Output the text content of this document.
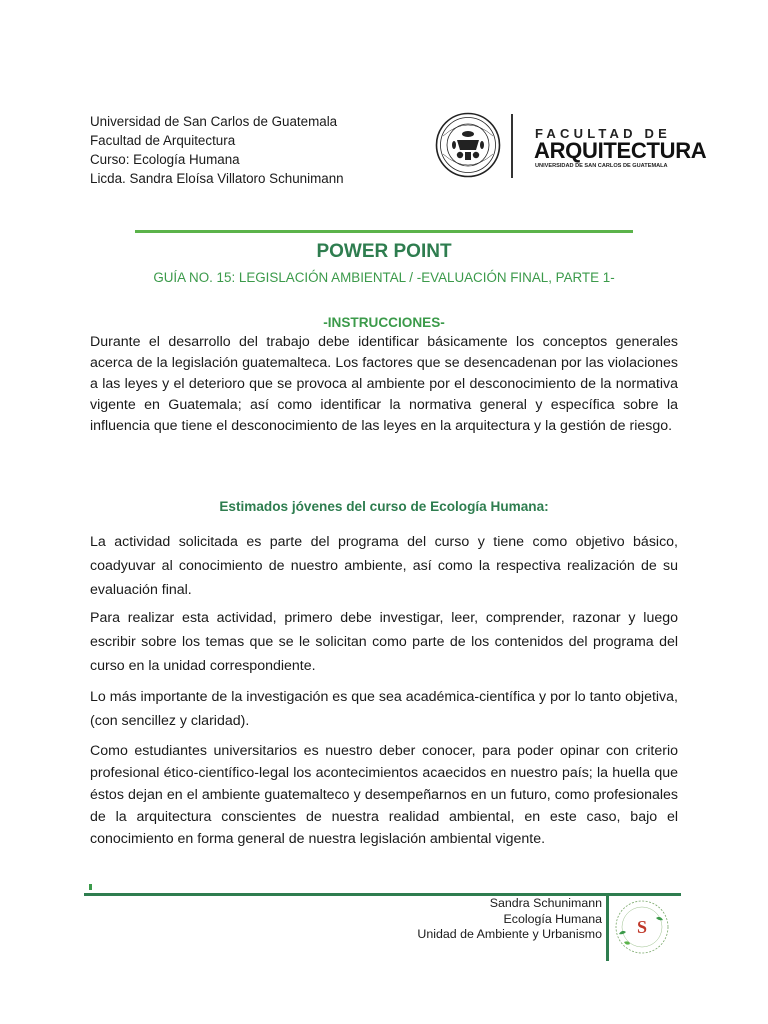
Universidad de San Carlos de Guatemala
Facultad de Arquitectura
Curso: Ecología Humana
Licda. Sandra Eloísa Villatoro Schunimann
FACULTAD DE
ARQUITECTURA
UNIVERSIDAD DE SAN CARLOS DE GUATEMALA
POWER POINT
GUÍA NO. 15: LEGISLACIÓN AMBIENTAL / -EVALUACIÓN FINAL, PARTE 1-
-INSTRUCCIONES-
Durante el desarrollo del trabajo debe identificar básicamente los conceptos generales acerca de la legislación guatemalteca. Los factores que se desencadenan por las violaciones a las leyes y el deterioro que se provoca al ambiente por el desconocimiento de la normativa vigente en Guatemala; así como identificar la normativa general y específica sobre la influencia que tiene el desconocimiento de las leyes en la arquitectura y la gestión de riesgo.
Estimados jóvenes del curso de Ecología Humana:
La actividad solicitada es parte del programa del curso y tiene como objetivo básico, coadyuvar al conocimiento de nuestro ambiente, así como la respectiva realización de su evaluación final.
Para realizar esta actividad, primero debe investigar, leer, comprender, razonar y luego escribir sobre los temas que se le solicitan como parte de los contenidos del programa del curso en la unidad correspondiente.
Lo más importante de la investigación es que sea académica-científica y por lo tanto objetiva, (con sencillez y claridad).
Como estudiantes universitarios es nuestro deber conocer, para poder opinar con criterio profesional ético-científico-legal los acontecimientos acaecidos en nuestro país; la huella que éstos dejan en el ambiente guatemalteco y desempeñarnos en un futuro, como profesionales de la arquitectura conscientes de nuestra realidad ambiental, en este caso, bajo el conocimiento en forma general de nuestra legislación ambiental vigente.
Sandra Schunimann
Ecología Humana
Unidad de Ambiente y Urbanismo S
